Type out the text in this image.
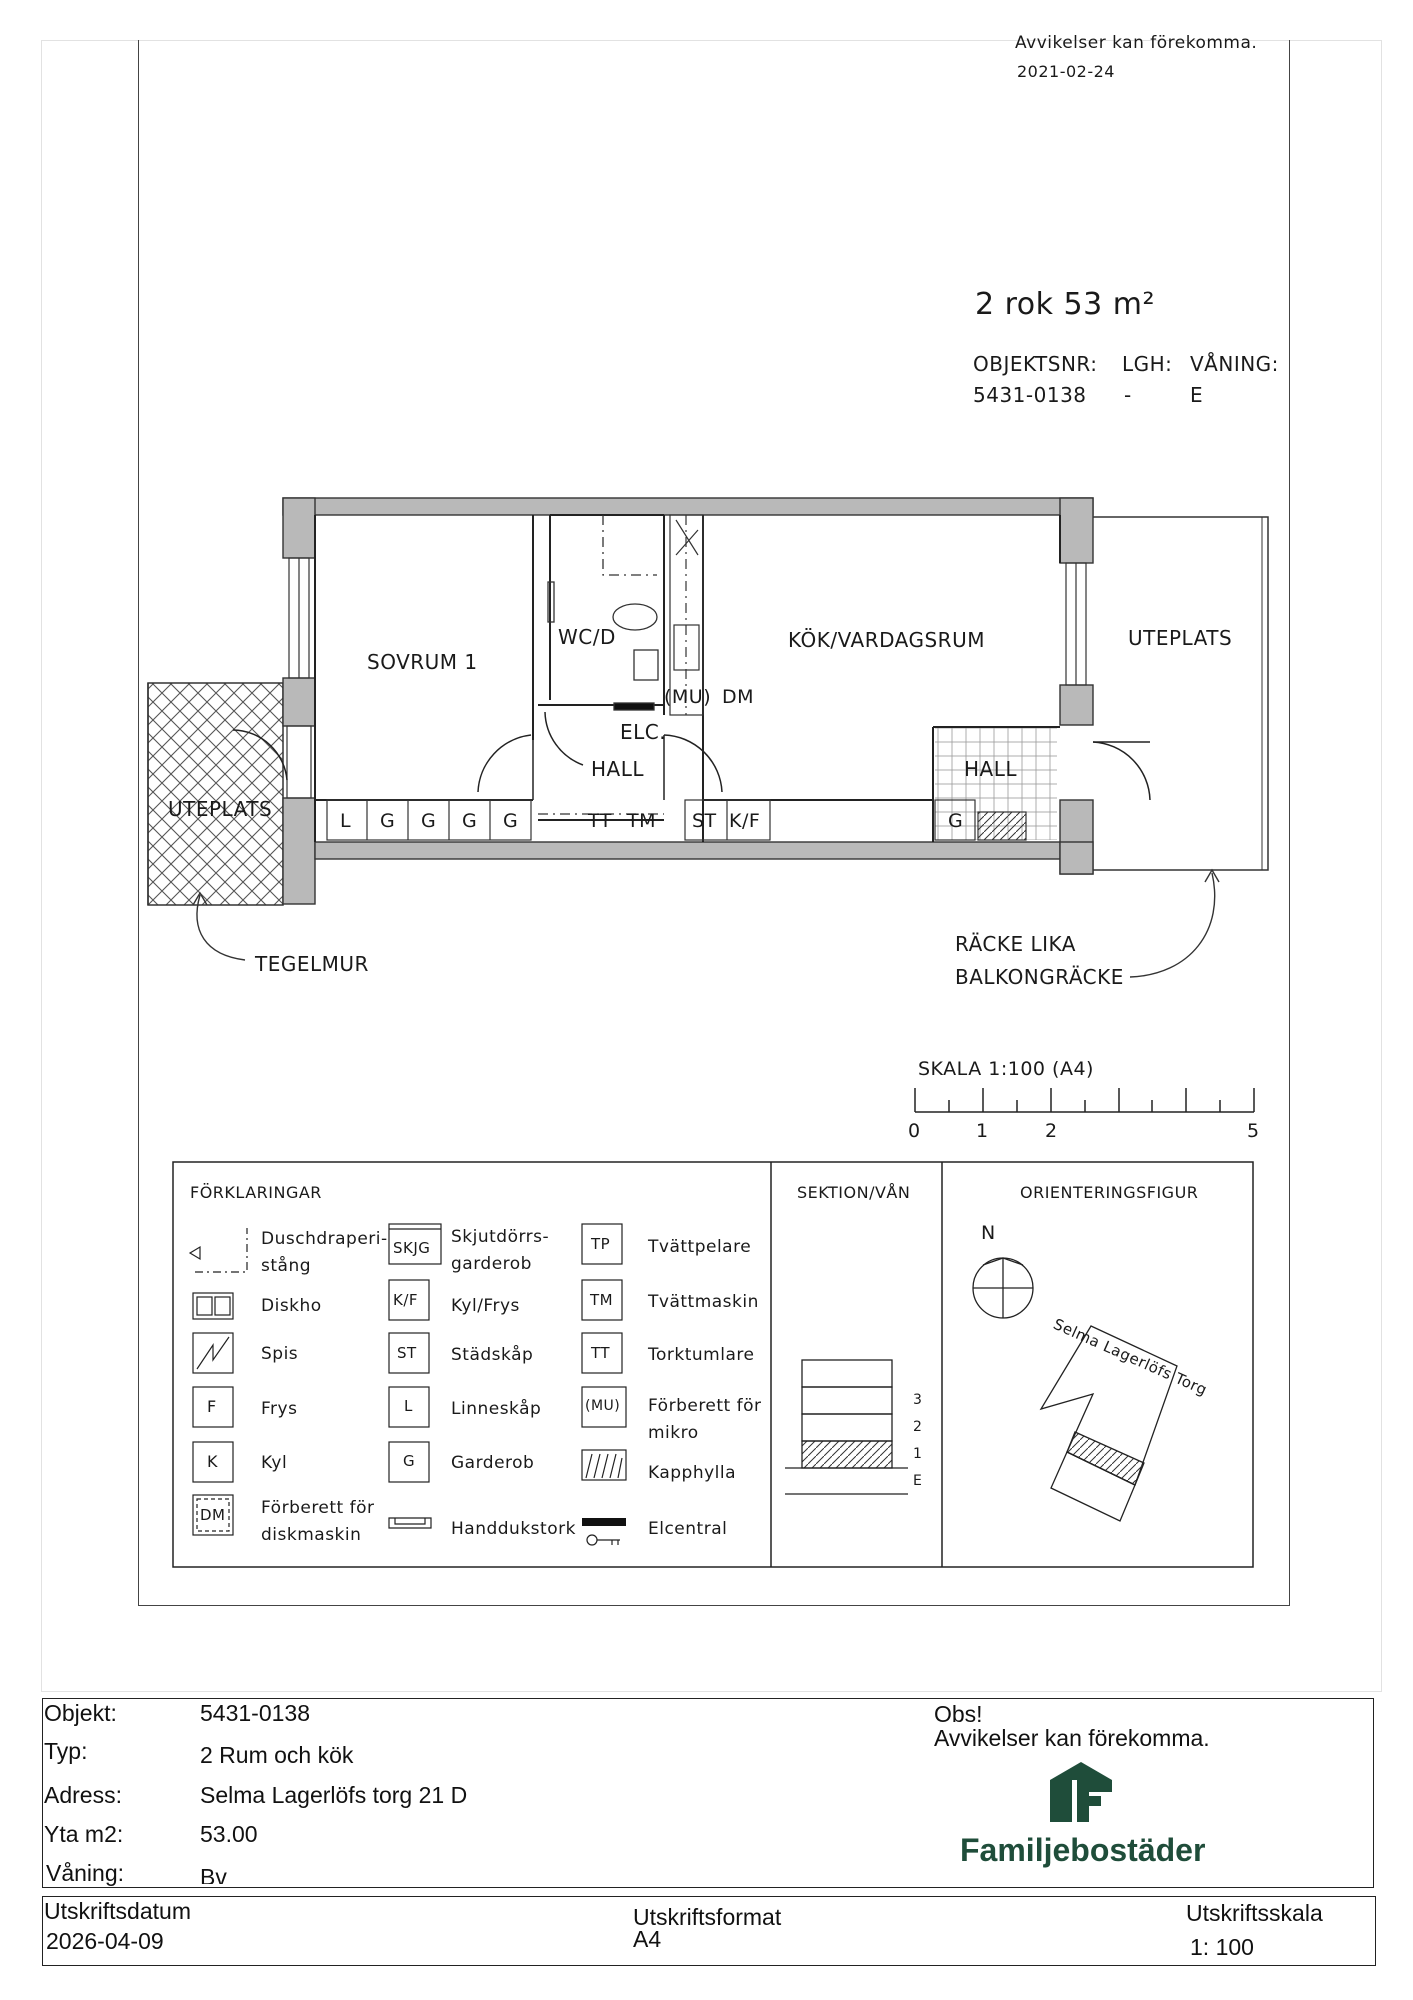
Avvikelser kan förekomma.
2021-02-24
2 rok 53 m²
OBJEKTSNR:
5431-0138
LGH:
-
VÅNING:
E
SOVRUM 1
WC/D	KÖK/VARDAGSRUM	UTEPLATS
UTEPLATS
ELC.
HALL	HALL
(MU) DM
L G G G G	TT TM ST K/F	G
TEGELMUR
RÄCKE LIKA
BALKONGRÄCKE
SKALA 1:100 (A4)
0	1	2	5
FÖRKLARINGAR	SEKTION/VÅN	ORIENTERINGSFIGUR
Duschdraperi-
stång
Diskho
Spis
F	Frys
K	Kyl
DM Förberett för
diskmaskin
SKJG
Skjutdörrs-
garderob
K/F Kyl/Frys
ST Städskåp
L Linneskåp
G Garderob
Handdukstork
TP Tvättpelare
TM Tvättmaskin
TT Torktumlare
(MU) Förberett för
mikro
Kapphylla
Elcentral
3
2
1
E
N
Selma Lagerlöfs Torg
Objekt:	5431-0138
Typ:	2 Rum och kök
Adress:	Selma Lagerlöfs torg 21 D
Yta m2:	53.00
Våning:	Bv
Obs!
Avvikelser kan förekomma.
Familjebostäder
Utskriftsdatum
2026-04-09
Utskriftsformat
A4
Utskriftsskala
1: 100
